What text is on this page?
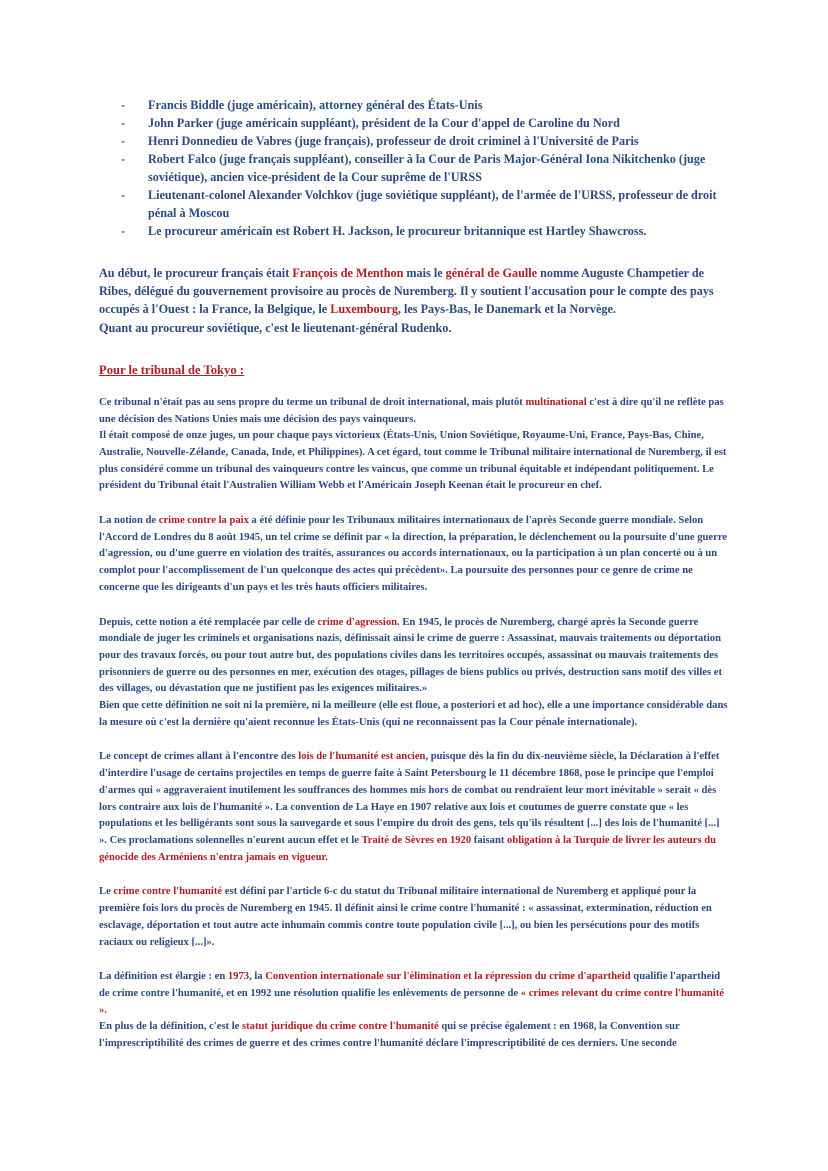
- Francis Biddle (juge américain), attorney général des États-Unis
- John Parker (juge américain suppléant), président de la Cour d'appel de Caroline du Nord
- Henri Donnedieu de Vabres (juge français), professeur de droit criminel à l'Université de Paris
- Robert Falco (juge français suppléant), conseiller à la Cour de Paris Major-Général Iona Nikitchenko (juge soviétique), ancien vice-président de la Cour suprême de l'URSS
- Lieutenant-colonel Alexander Volchkov (juge soviétique suppléant), de l'armée de l'URSS, professeur de droit pénal à Moscou
- Le procureur américain est Robert H. Jackson, le procureur britannique est Hartley Shawcross.

Au début, le procureur français était François de Menthon mais le général de Gaulle nomme Auguste Champetier de Ribes, délégué du gouvernement provisoire au procès de Nuremberg. Il y soutient l'accusation pour le compte des pays occupés à l'Ouest : la France, la Belgique, le Luxembourg, les Pays-Bas, le Danemark et la Norvège.
Quant au procureur soviétique, c'est le lieutenant-général Rudenko.

Pour le tribunal de Tokyo :

Ce tribunal n'était pas au sens propre du terme un tribunal de droit international, mais plutôt multinational c'est à dire qu'il ne reflète pas une décision des Nations Unies mais une décision des pays vainqueurs.
Il était composé de onze juges, un pour chaque pays victorieux (États-Unis, Union Soviétique, Royaume-Uni, France, Pays-Bas, Chine, Australie, Nouvelle-Zélande, Canada, Inde, et Philippines). A cet égard, tout comme le Tribunal militaire international de Nuremberg, il est plus considéré comme un tribunal des vainqueurs contre les vaincus, que comme un tribunal équitable et indépendant politiquement. Le président du Tribunal était l'Australien William Webb et l'Américain Joseph Keenan était le procureur en chef.

La notion de crime contre la paix a été définie pour les Tribunaux militaires internationaux de l'après Seconde guerre mondiale. Selon l'Accord de Londres du 8 août 1945, un tel crime se définit par « la direction, la préparation, le déclenchement ou la poursuite d'une guerre d'agression, ou d'une guerre en violation des traités, assurances ou accords internationaux, ou la participation à un plan concerté ou à un complot pour l'accomplissement de l'un quelconque des actes qui précèdent». La poursuite des personnes pour ce genre de crime ne concerne que les dirigeants d'un pays et les très hauts officiers militaires.

Depuis, cette notion a été remplacée par celle de crime d'agression. En 1945, le procès de Nuremberg, chargé après la Seconde guerre mondiale de juger les criminels et organisations nazis, définissait ainsi le crime de guerre : Assassinat, mauvais traitements ou déportation pour des travaux forcés, ou pour tout autre but, des populations civiles dans les territoires occupés, assassinat ou mauvais traitements des prisonniers de guerre ou des personnes en mer, exécution des otages, pillages de biens publics ou privés, destruction sans motif des villes et des villages, ou dévastation que ne justifient pas les exigences militaires.»
Bien que cette définition ne soit ni la première, ni la meilleure (elle est floue, a posteriori et ad hoc), elle a une importance considérable dans la mesure où c'est la dernière qu'aient reconnue les États-Unis (qui ne reconnaissent pas la Cour pénale internationale).

Le concept de crimes allant à l'encontre des lois de l'humanité est ancien, puisque dès la fin du dix-neuvième siècle, la Déclaration à l'effet d'interdire l'usage de certains projectiles en temps de guerre faite à Saint Petersbourg le 11 décembre 1868, pose le principe que l'emploi d'armes qui « aggraveraient inutilement les souffrances des hommes mis hors de combat ou rendraient leur mort inévitable » serait « dès lors contraire aux lois de l'humanité ». La convention de La Haye en 1907 relative aux lois et coutumes de guerre constate que « les populations et les belligérants sont sous la sauvegarde et sous l'empire du droit des gens, tels qu'ils résultent [...] des lois de l'humanité [...] ». Ces proclamations solennelles n'eurent aucun effet et le Traité de Sèvres en 1920 faisant obligation à la Turquie de livrer les auteurs du génocide des Arméniens n'entra jamais en vigueur.

Le crime contre l'humanité est défini par l'article 6-c du statut du Tribunal militaire international de Nuremberg et appliqué pour la première fois lors du procès de Nuremberg en 1945. Il définit ainsi le crime contre l'humanité : « assassinat, extermination, réduction en esclavage, déportation et tout autre acte inhumain commis contre toute population civile [...], ou bien les persécutions pour des motifs raciaux ou religieux [...]».

La définition est élargie : en 1973, la Convention internationale sur l'élimination et la répression du crime d'apartheid qualifie l'apartheid de crime contre l'humanité, et en 1992 une résolution qualifie les enlèvements de personne de « crimes relevant du crime contre l'humanité ».
En plus de la définition, c'est le statut juridique du crime contre l'humanité qui se précise également : en 1968, la Convention sur l'imprescriptibilité des crimes de guerre et des crimes contre l'humanité déclare l'imprescriptibilité de ces derniers. Une seconde
